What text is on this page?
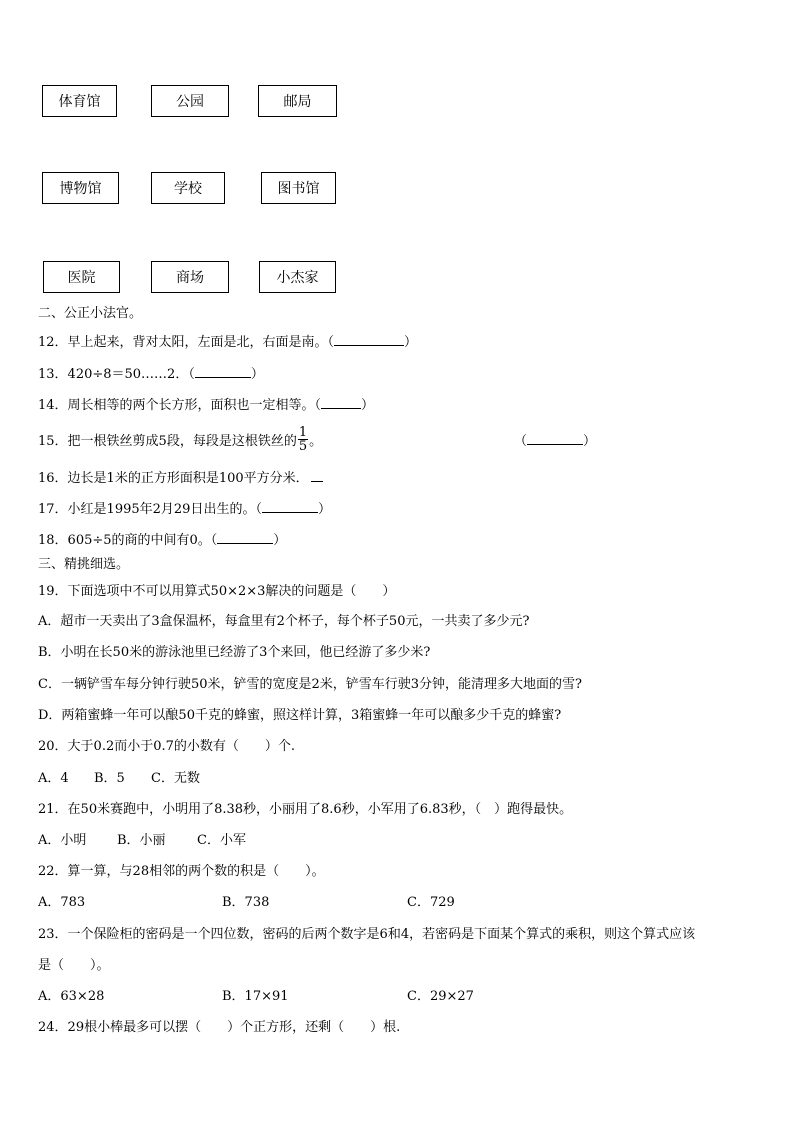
体育馆	公园	邮局
博物馆	学校	图书馆
医院	商场	小杰家
二、公正小法官。
12．早上起来，背对太阳，左面是北，右面是南。（	）
13．420÷8＝50……2．（	）
14．周长相等的两个长方形，面积也一定相等。（	）
15．把一根铁丝剪成5段，每段是这根铁丝的 $\frac{1}{5}$ 。	（	）
16．边长是1米的正方形面积是100平方分米．
17．小红是1995年2月29日出生的。（	）
18．605÷5的商的中间有0。（	）
三、精挑细选。
19．下面选项中不可以用算式50×2×3解决的问题是（　　）
A．超市一天卖出了3盒保温杯，每盒里有2个杯子，每个杯子50元，一共卖了多少元?
B．小明在长50米的游泳池里已经游了3个来回，他已经游了多少米?
C．一辆铲雪车每分钟行驶50米，铲雪的宽度是2米，铲雪车行驶3分钟，能清理多大地面的雪?
D．两箱蜜蜂一年可以酿50千克的蜂蜜，照这样计算，3箱蜜蜂一年可以酿多少千克的蜂蜜?
20．大于0.2而小于0.7的小数有（　　）个.
A．4 B．5 C．无数
21．在50米赛跑中，小明用了8.38秒，小丽用了8.6秒，小军用了6.83秒，（　）跑得最快。
A．小明 B．小丽 C．小军
22．算一算，与28相邻的两个数的积是（　　）。
A．783	B．738	C．729
23．一个保险柜的密码是一个四位数，密码的后两个数字是6和4，若密码是下面某个算式的乘积，则这个算式应该
是（　　）。
A．63×28	B．17×91	C．29×27
24．29根小棒最多可以摆（　　）个正方形，还剩（　　）根.
